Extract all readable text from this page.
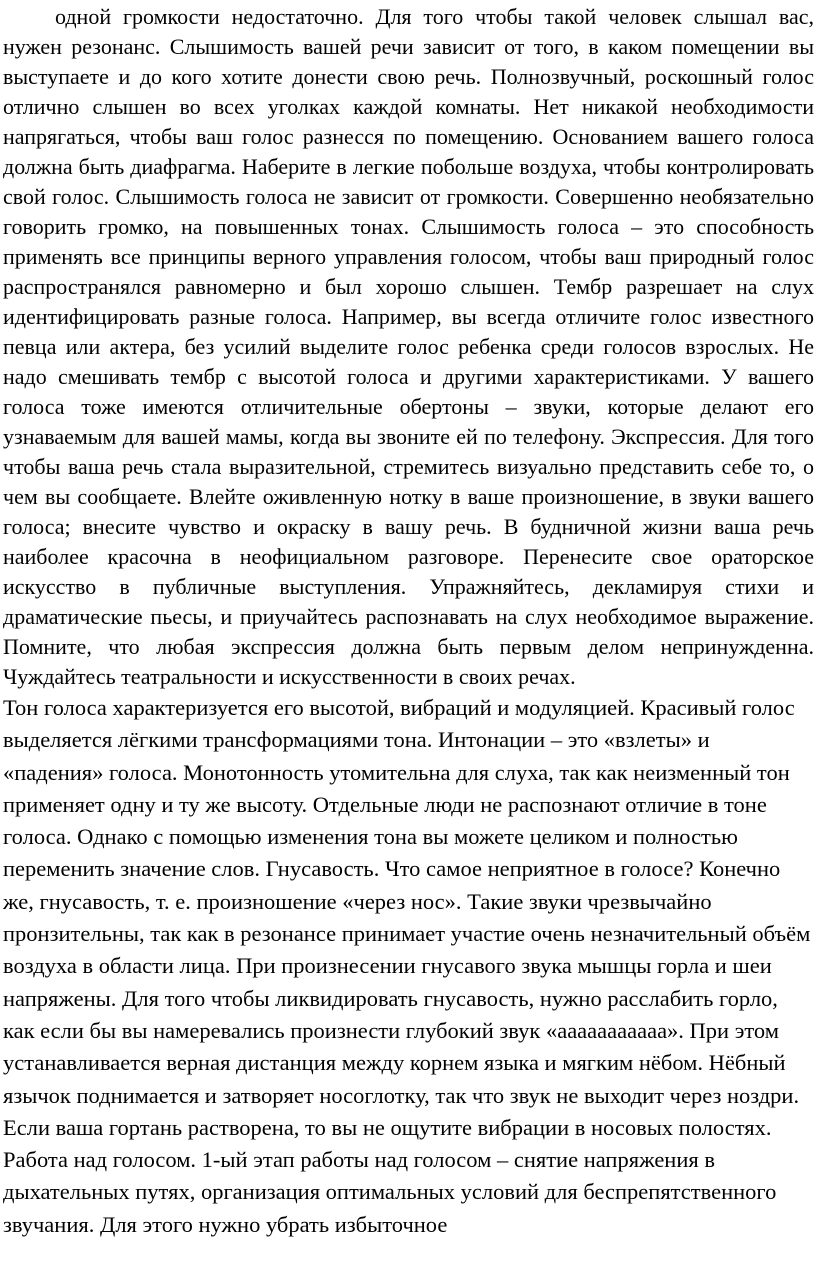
одной громкости недостаточно. Для того чтобы такой человек слышал вас, нужен резонанс. Слышимость вашей речи зависит от того, в каком помещении вы выступаете и до кого хотите донести свою речь. Полнозвучный, роскошный голос отлично слышен во всех уголках каждой комнаты. Нет никакой необходимости напрягаться, чтобы ваш голос разнесся по помещению. Основанием вашего голоса должна быть диафрагма. Наберите в легкие побольше воздуха, чтобы контролировать свой голос. Слышимость голоса не зависит от громкости. Совершенно необязательно говорить громко, на повышенных тонах. Слышимость голоса – это способность применять все принципы верного управления голосом, чтобы ваш природный голос распространялся равномерно и был хорошо слышен. Тембр разрешает на слух идентифицировать разные голоса. Например, вы всегда отличите голос известного певца или актера, без усилий выделите голос ребенка среди голосов взрослых. Не надо смешивать тембр с высотой голоса и другими характеристиками. У вашего голоса тоже имеются отличительные обертоны – звуки, которые делают его узнаваемым для вашей мамы, когда вы звоните ей по телефону. Экспрессия. Для того чтобы ваша речь стала выразительной, стремитесь визуально представить себе то, о чем вы сообщаете. Влейте оживленную нотку в ваше произношение, в звуки вашего голоса; внесите чувство и окраску в вашу речь. В будничной жизни ваша речь наиболее красочна в неофициальном разговоре. Перенесите свое ораторское искусство в публичные выступления. Упражняйтесь, декламируя стихи и драматические пьесы, и приучайтесь распознавать на слух необходимое выражение. Помните, что любая экспрессия должна быть первым делом непринужденна. Чуждайтесь театральности и искусственности в своих речах.

Тон голоса характеризуется его высотой, вибраций и модуляцией. Красивый голос выделяется лёгкими трансформациями тона. Интонации – это «взлеты» и «падения» голоса. Монотонность утомительна для слуха, так как неизменный тон применяет одну и ту же высоту. Отдельные люди не распознают отличие в тоне голоса. Однако с помощью изменения тона вы можете целиком и полностью переменить значение слов. Гнусавость. Что самое неприятное в голосе? Конечно же, гнусавость, т. е. произношение «через нос». Такие звуки чрезвычайно пронзительны, так как в резонансе принимает участие очень незначительный объём воздуха в области лица. При произнесении гнусавого звука мышцы горла и шеи напряжены. Для того чтобы ликвидировать гнусавость, нужно расслабить горло, как если бы вы намеревались произнести глубокий звук «ааааааааааа». При этом устанавливается верная дистанция между корнем языка и мягким нёбом. Нёбный язычок поднимается и затворяет носоглотку, так что звук не выходит через ноздри. Если ваша гортань растворена, то вы не ощутите вибрации в носовых полостях. Работа над голосом. 1-ый этап работы над голосом – снятие напряжения в дыхательных путях, организация оптимальных условий для беспрепятственного звучания. Для этого нужно убрать избыточное
